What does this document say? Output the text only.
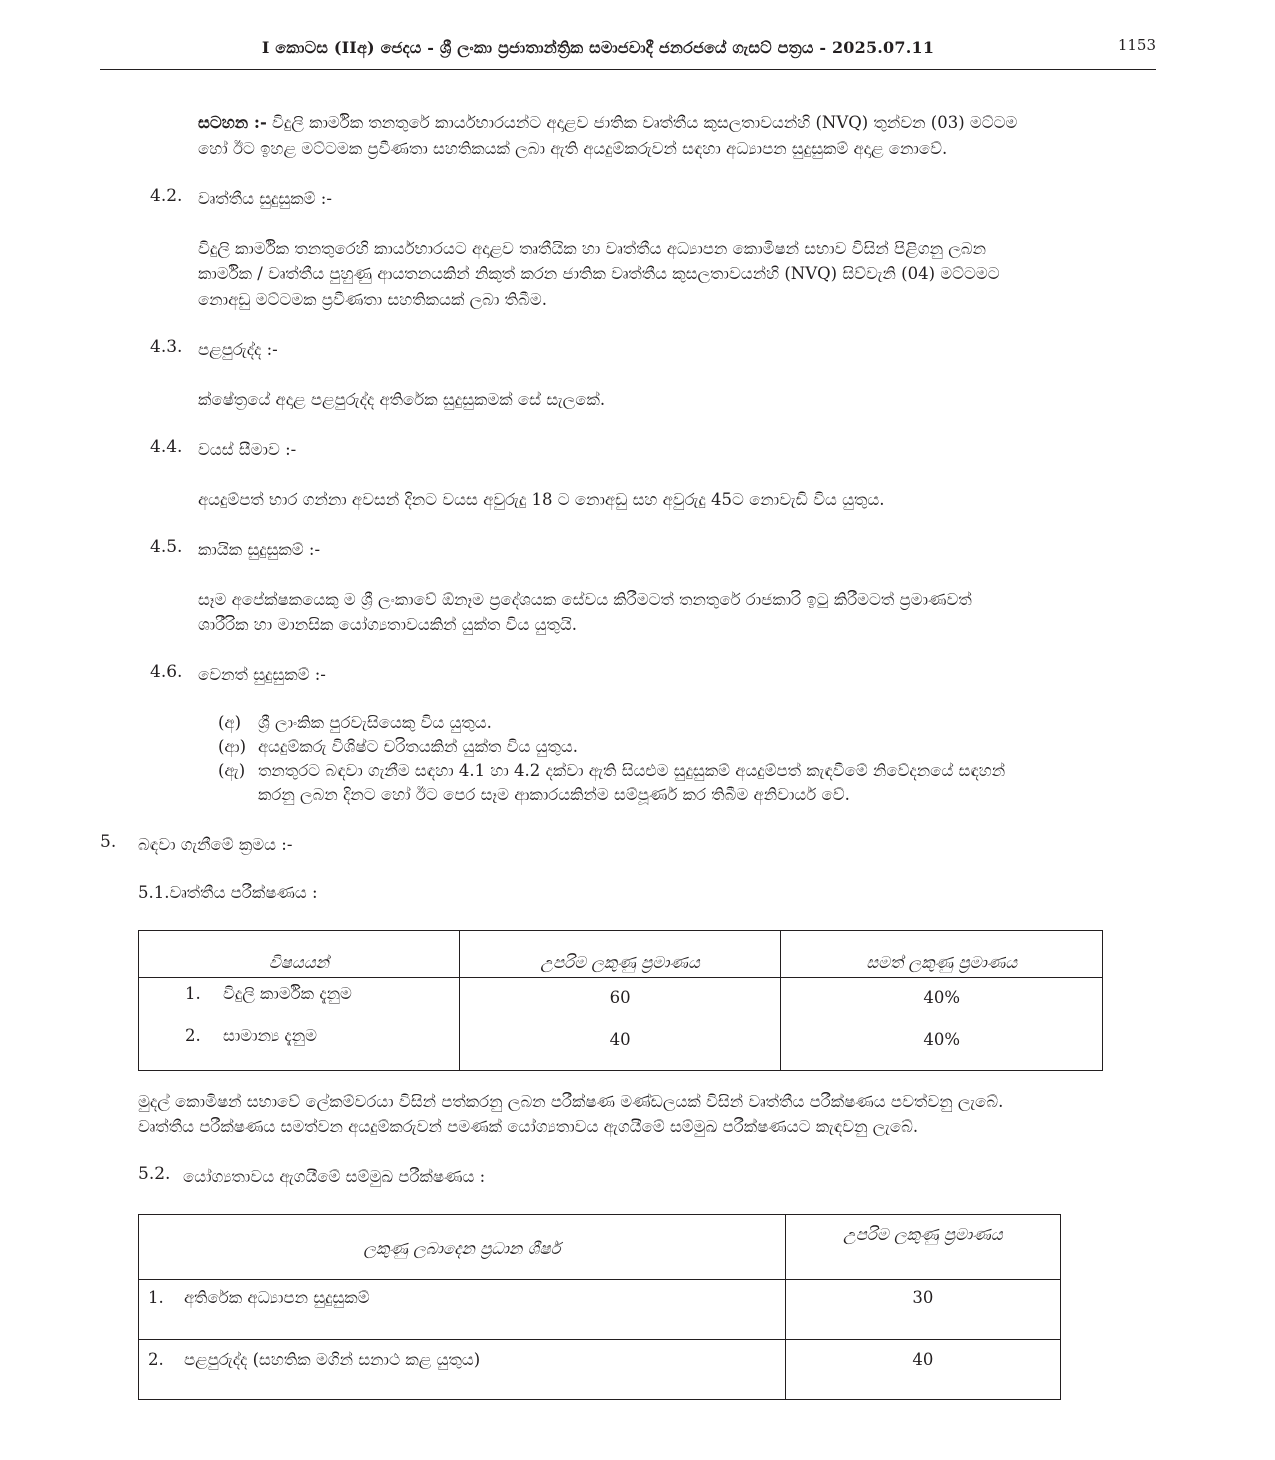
I කොටස (IIඅ) ජෙදය - ශ්‍රී ලංකා ප්‍රජාතාන්ත්‍රික සමාජවාදී ජනරජයේ ගැසට් පත්‍රය - 2025.07.11	1153
සටහන :- විදුලි කාර්මික තනතුරේ කාර්යභාරයන්ට අදාළව ජාතික වෘත්තීය කුසලතාවයන්හි (NVQ) තුන්වන (03) මට්ටම
හෝ ඊට ඉහළ මට්ටමක ප්‍රවීණතා සහතිකයක් ලබා ඇති අයදුම්කරුවන් සඳහා අධ්‍යාපන සුදුසුකම් අදාළ නොවේ.
4.2. වෘත්තීය සුදුසුකම් :-
විදුලි කාර්මික තනතුරෙහි කාර්යභාරයට අදාළව තෘතීයික හා වෘත්තීය අධ්‍යාපන කොමිෂන් සභාව විසින් පිළිගනු ලබන
කාර්මික / වෘත්තීය පුහුණු ආයතනයකින් නිකුත් කරන ජාතික වෘත්තීය කුසලතාවයන්හි (NVQ) සිව්වැනි (04) මට්ටමට
නොඅඩු මට්ටමක ප්‍රවීණතා සහතිකයක් ලබා තිබීම.
4.3. පළපුරුද්ද :-
ක්ෂේත්‍රයේ අදාළ පළපුරුද්ද අතිරේක සුදුසුකමක් සේ සැලකේ.
4.4. වයස් සීමාව :-
අයදුම්පත් භාර ගන්නා අවසන් දිනට වයස අවුරුදු 18 ට නොඅඩු සහ අවුරුදු 45ට නොවැඩි විය යුතුය.
4.5. කායික සුදුසුකම් :-
සෑම අපේක්ෂකයෙකු ම ශ්‍රී ලංකාවේ ඕනෑම ප්‍රදේශයක සේවය කිරීමටත් තනතුරේ රාජකාරි ඉටු කිරීමටත් ප්‍රමාණවත්
ශාරීරික හා මානසික යෝග්‍යතාවයකින් යුක්ත විය යුතුයි.
4.6. වෙනත් සුදුසුකම් :-
(අ) ශ්‍රී ලාංකික පුරවැසියෙකු විය යුතුය.
(ආ) අයදුම්කරු විශිෂ්ට චරිතයකින් යුක්ත විය යුතුය.
(ඇ) තනතුරට බඳවා ගැනීම සඳහා 4.1 හා 4.2 දක්වා ඇති සියළුම සුදුසුකම් අයදුම්පත් කැඳවීමේ නිවේදනයේ සඳහන්
කරනු ලබන දිනට හෝ ඊට පෙර සෑම ආකාරයකින්ම සම්පූර්ණ කර තිබීම අනිවාර්ය වේ.
5. බඳවා ගැනීමේ ක්‍රමය :-
5.1.වෘත්තීය පරීක්ෂණය :
විෂයයන්	උපරිම ලකුණු ප්‍රමාණය	සමත් ලකුණු ප්‍රමාණය
1. විදුලි කාර්මික දැනුම	60	40%
2. සාමාන්‍ය දැනුම	40	40%
මුදල් කොමිෂන් සභාවේ ලේකම්වරයා විසින් පත්කරනු ලබන පරීක්ෂණ මණ්ඩලයක් විසින් වෘත්තීය පරීක්ෂණය පවත්වනු ලැබේ.
වෘත්තීය පරීක්ෂණය සමත්වන අයදුම්කරුවන් පමණක් යෝග්‍යතාවය ඇගයීමේ සම්මුඛ පරීක්ෂණයට කැඳවනු ලැබේ.
5.2. යෝග්‍යතාවය ඇගයීමේ සම්මුඛ පරීක්ෂණය :
ලකුණු ලබාදෙන ප්‍රධාන ශීර්ෂ	උපරිම ලකුණු ප්‍රමාණය
1. අතිරේක අධ්‍යාපන සුදුසුකම්	30
2. පළපුරුද්ද (සහතික මගින් සනාථ කළ යුතුය)	40
